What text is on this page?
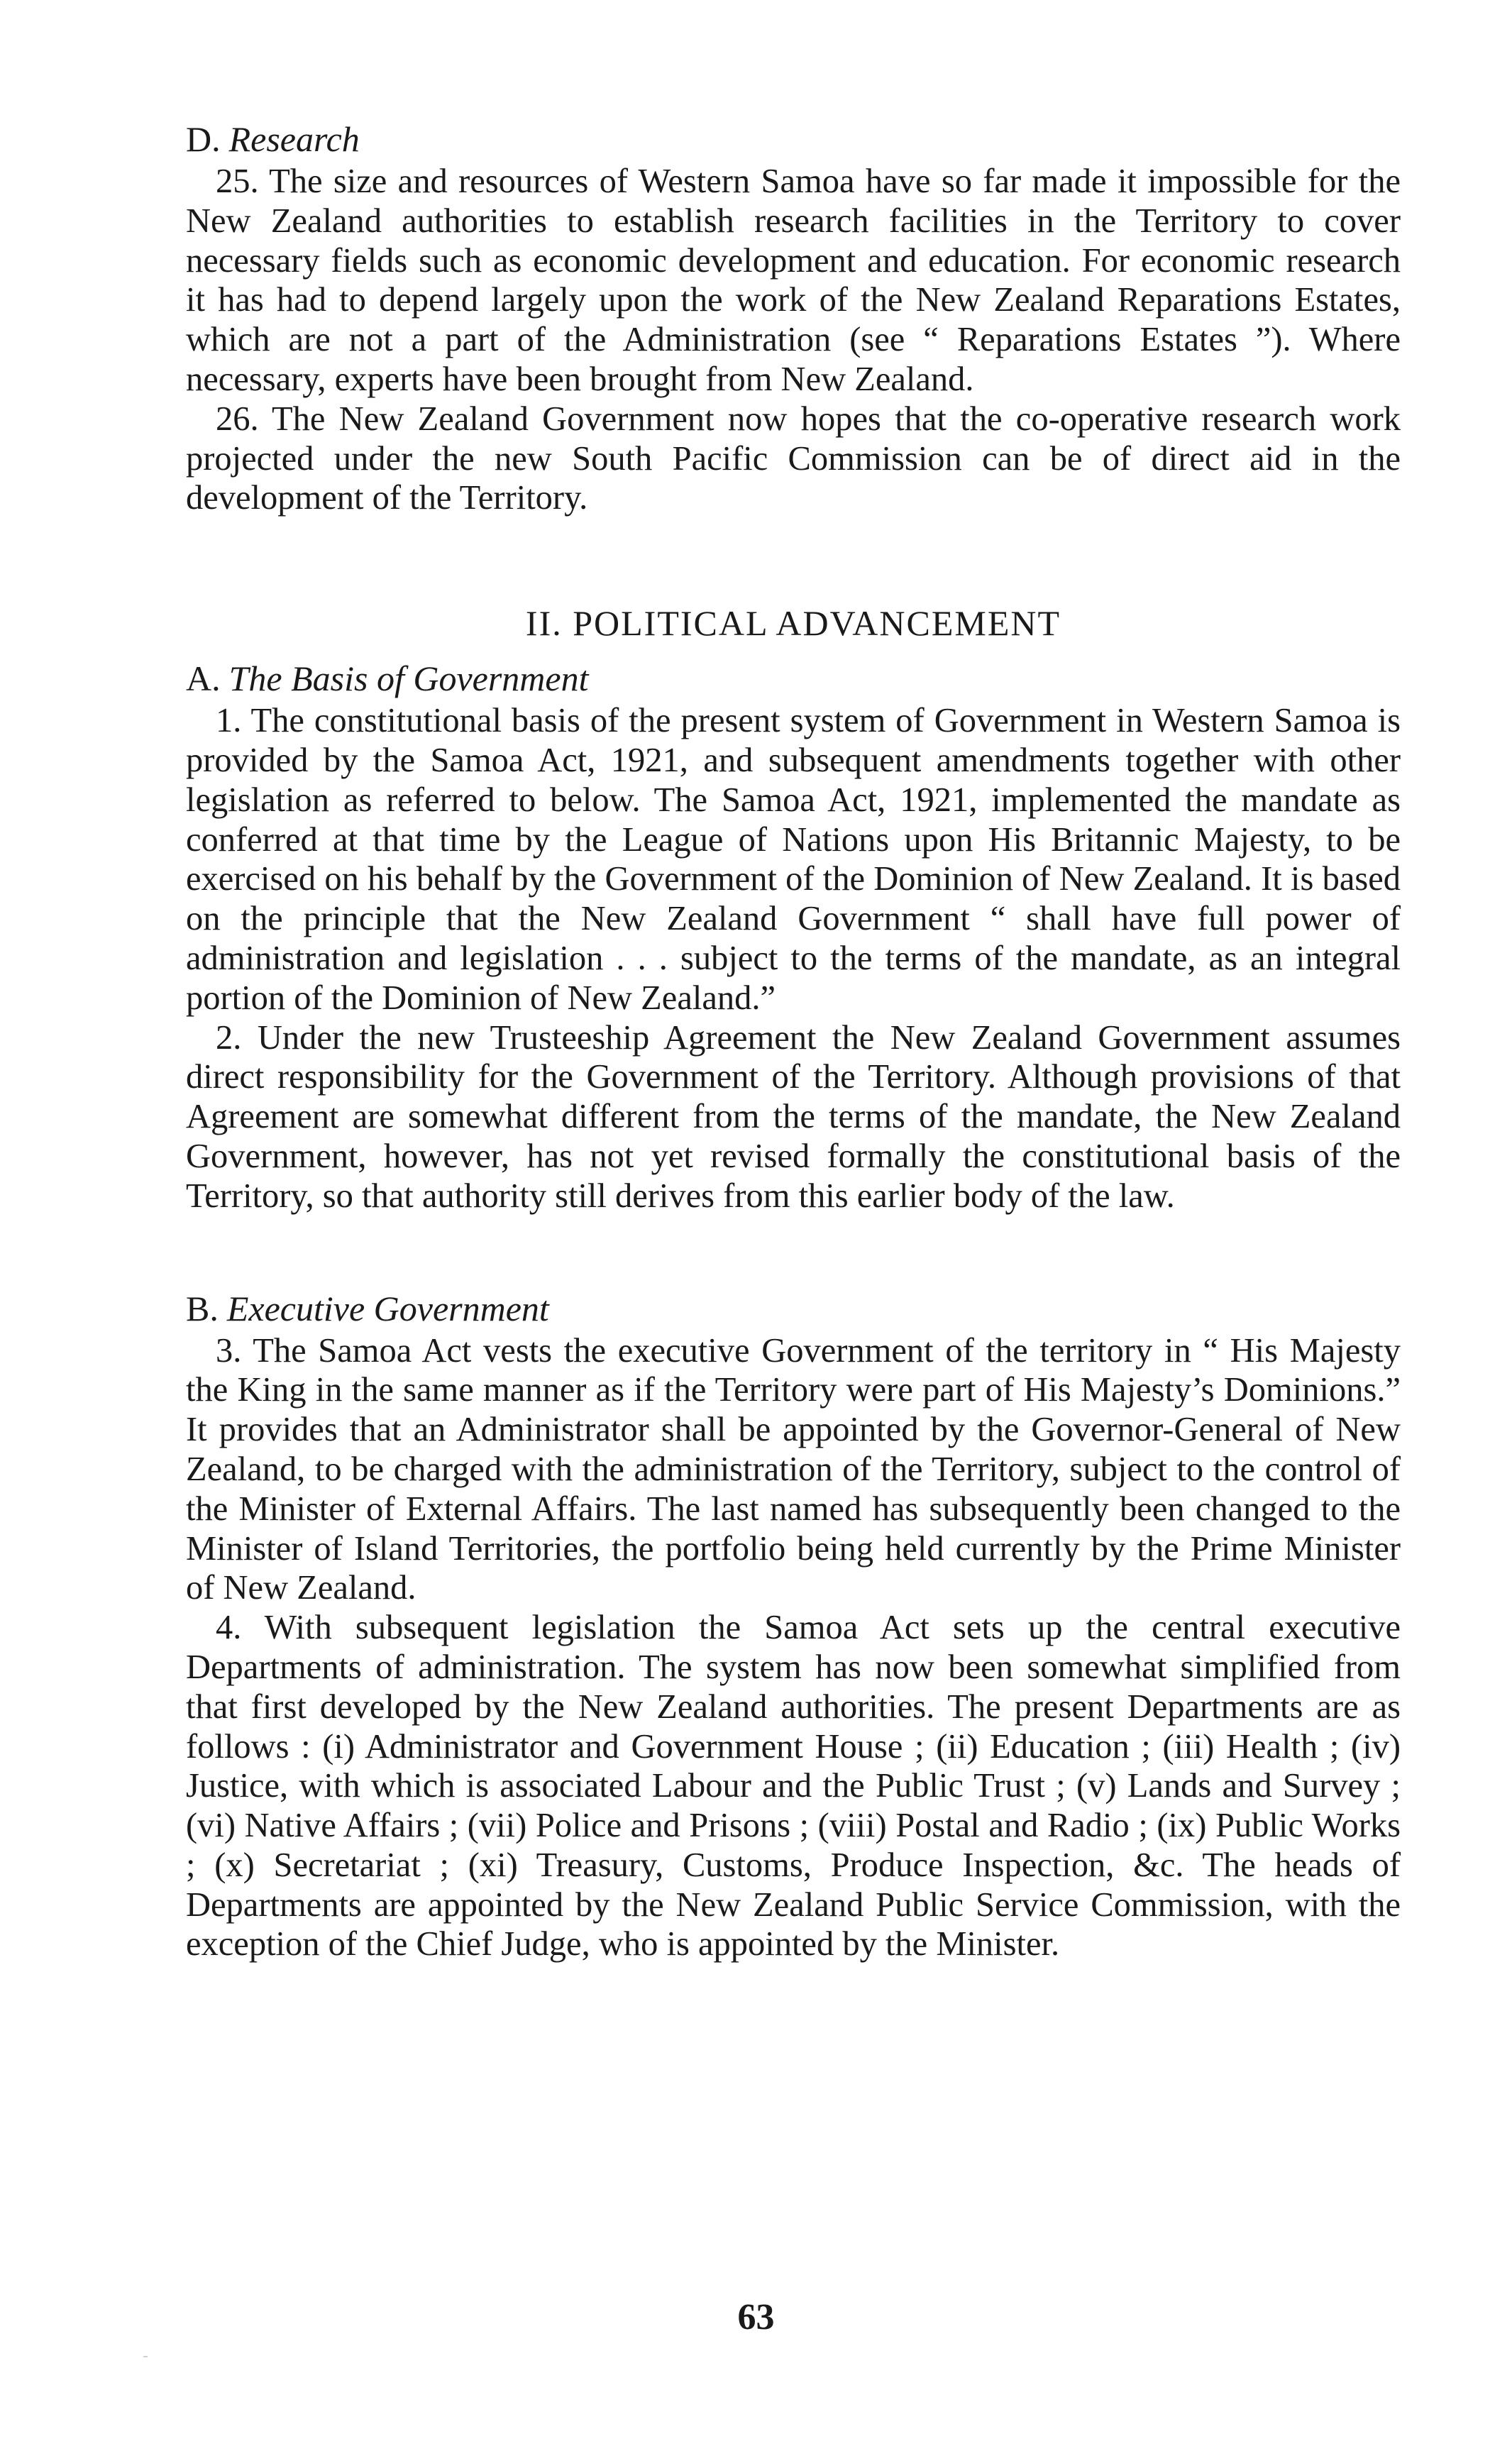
D. Research

25. The size and resources of Western Samoa have so far made it impossible for the New Zealand authorities to establish research facilities in the Territory to cover necessary fields such as economic development and education. For economic research it has had to depend largely upon the work of the New Zealand Reparations Estates, which are not a part of the Administration (see “ Reparations Estates ”). Where necessary, experts have been brought from New Zealand.

26. The New Zealand Government now hopes that the co-operative research work projected under the new South Pacific Commission can be of direct aid in the development of the Territory.

II. POLITICAL ADVANCEMENT
A. The Basis of Government

1. The constitutional basis of the present system of Government in Western Samoa is provided by the Samoa Act, 1921, and subsequent amendments together with other legislation as referred to below. The Samoa Act, 1921, implemented the mandate as conferred at that time by the League of Nations upon His Britannic Majesty, to be exercised on his behalf by the Government of the Dominion of New Zealand. It is based on the principle that the New Zealand Government “ shall have full power of administration and legislation . . . subject to the terms of the mandate, as an integral portion of the Dominion of New Zealand.”

2. Under the new Trusteeship Agreement the New Zealand Government assumes direct responsibility for the Government of the Territory. Although provisions of that Agreement are somewhat different from the terms of the mandate, the New Zealand Government, however, has not yet revised formally the constitutional basis of the Territory, so that authority still derives from this earlier body of the law.

B. Executive Government

3. The Samoa Act vests the executive Government of the territory in “ His Majesty the King in the same manner as if the Territory were part of His Majesty’s Dominions.” It provides that an Administrator shall be appointed by the Governor-General of New Zealand, to be charged with the administration of the Territory, subject to the control of the Minister of External Affairs. The last named has subsequently been changed to the Minister of Island Territories, the portfolio being held currently by the Prime Minister of New Zealand.

4. With subsequent legislation the Samoa Act sets up the central executive Departments of administration. The system has now been somewhat simplified from that first developed by the New Zealand authorities. The present Departments are as follows : (i) Administrator and Government House ; (ii) Education ; (iii) Health ; (iv) Justice, with which is associated Labour and the Public Trust ; (v) Lands and Survey ; (vi) Native Affairs ; (vii) Police and Prisons ; (viii) Postal and Radio ; (ix) Public Works ; (x) Secretariat ; (xi) Treasury, Customs, Produce Inspection, &c. The heads of Departments are appointed by the New Zealand Public Service Commission, with the exception of the Chief Judge, who is appointed by the Minister.

63
